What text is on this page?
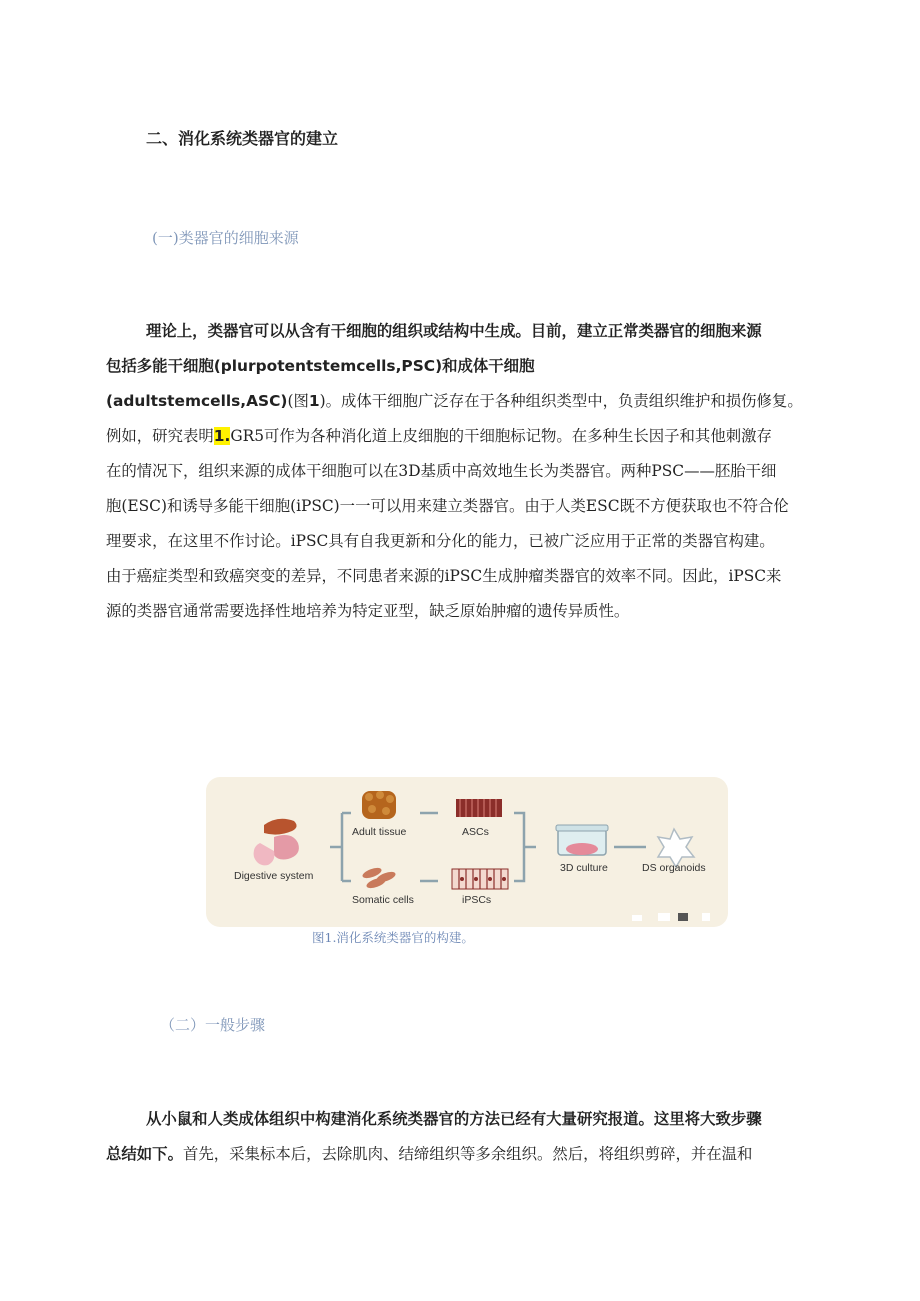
二、消化系统类器官的建立
(一)类器官的细胞来源
理论上，类器官可以从含有干细胞的组织或结构中生成。目前，建立正常类器官的细胞来源
包括多能干细胞(plurpotentstemcells,PSC)和成体干细胞
(adultstemcells,ASC)(图1)。成体干细胞广泛存在于各种组织类型中，负责组织维护和损伤修复。
例如，研究表明1.GR5可作为各种消化道上皮细胞的干细胞标记物。在多种生长因子和其他刺激存
在的情况下，组织来源的成体干细胞可以在3D基质中高效地生长为类器官。两种PSC——胚胎干细
胞(ESC)和诱导多能干细胞(iPSC)一一可以用来建立类器官。由于人类ESC既不方便获取也不符合伦
理要求，在这里不作讨论。iPSC具有自我更新和分化的能力，已被广泛应用于正常的类器官构建。
由于癌症类型和致癌突变的差异，不同患者来源的iPSC生成肿瘤类器官的效率不同。因此，iPSC来
源的类器官通常需要选择性地培养为特定亚型，缺乏原始肿瘤的遗传异质性。
Digestive system
Adult tissue	ASCs
Somatic cells	iPSCs
3D culture	DS organoids
图1.消化系统类器官的构建。
（二）一般步骤
从小鼠和人类成体组织中构建消化系统类器官的方法已经有大量研究报道。这里将大致步骤
总结如下。首先，采集标本后，去除肌肉、结缔组织等多余组织。然后，将组织剪碎，并在温和
